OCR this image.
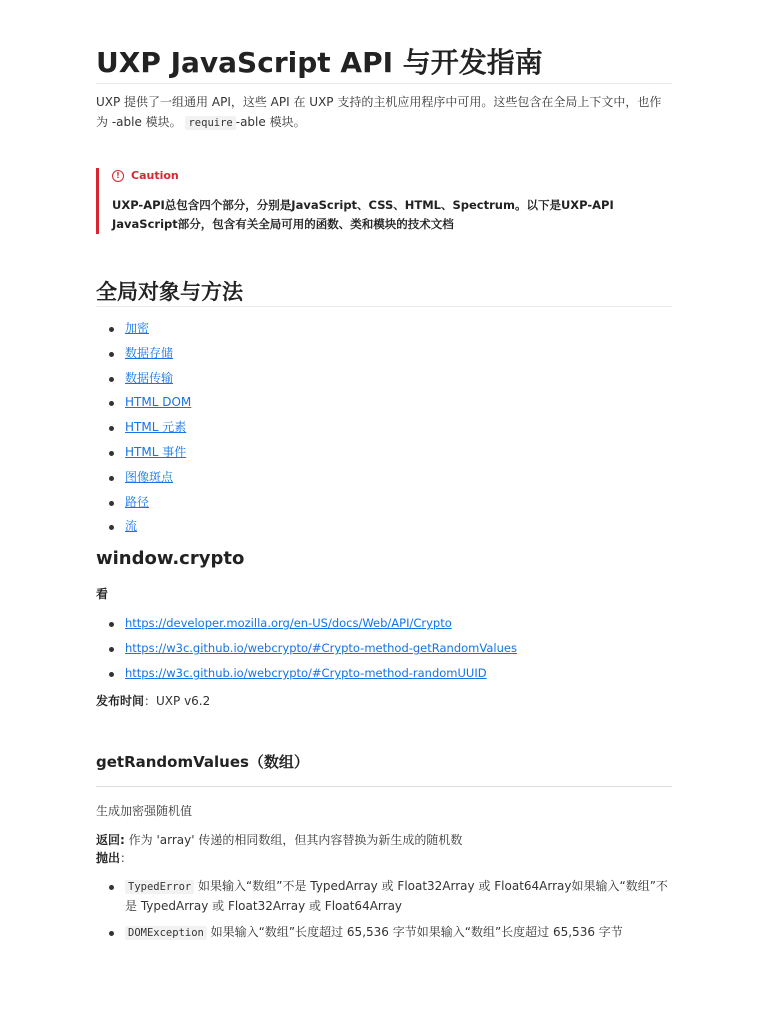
UXP JavaScript API 与开发指南
UXP 提供了一组通用 API，这些 API 在 UXP 支持的主机应用程序中可用。这些包含在全局上下文中，也作为 -able 模块。 require -able 模块。
!	Caution
UXP-API总包含四个部分，分别是JavaScript、CSS、HTML、Spectrum。以下是UXP-API JavaScript部分，包含有关全局可用的函数、类和模块的技术文档
全局对象与方法
加密
数据存储
数据传输
HTML DOM
HTML 元素
HTML 事件
图像斑点
路径
流
window.crypto
看
https://developer.mozilla.org/en-US/docs/Web/API/Crypto
https://w3c.github.io/webcrypto/#Crypto-method-getRandomValues
https://w3c.github.io/webcrypto/#Crypto-method-randomUUID
发布时间：UXP v6.2
getRandomValues（数组）
生成加密强随机值
返回: 作为 'array' 传递的相同数组，但其内容替换为新生成的随机数
抛出：
TypedError 如果输入“数组”不是 TypedArray 或 Float32Array 或 Float64Array如果输入“数组”不是 TypedArray 或 Float32Array 或 Float64Array
DOMException 如果输入“数组”长度超过 65,536 字节如果输入“数组”长度超过 65,536 字节
